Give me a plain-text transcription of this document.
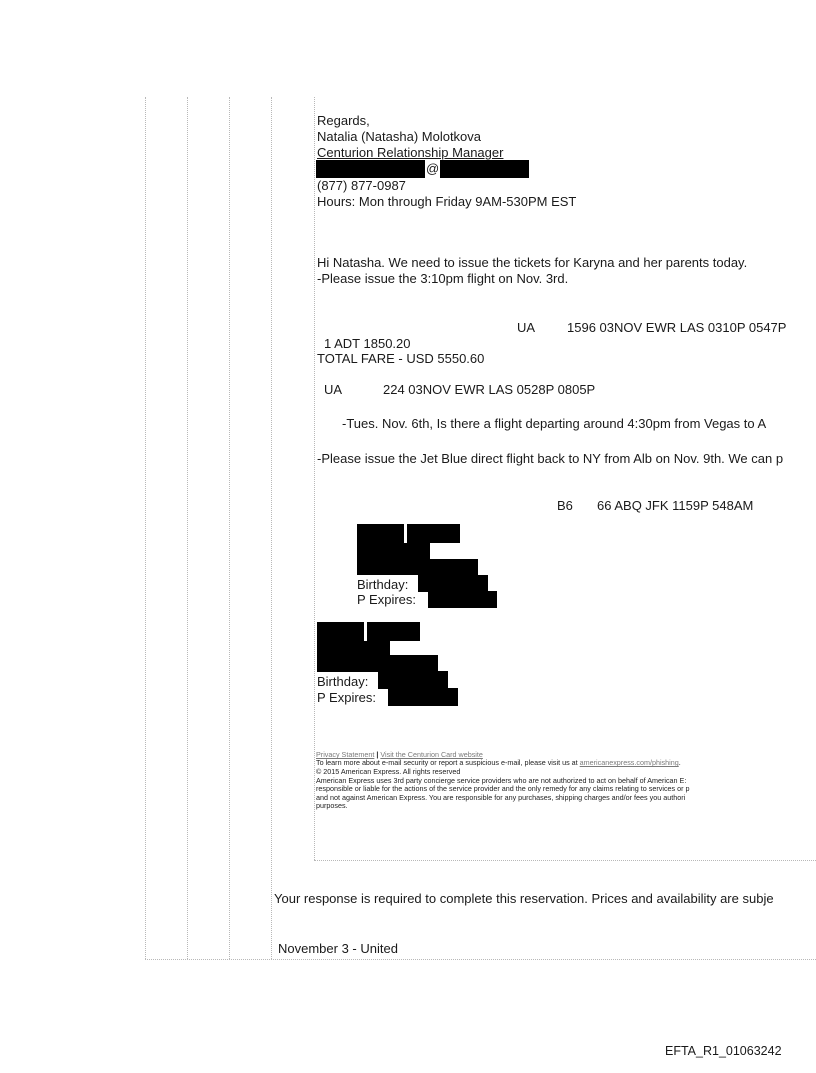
Regards,
Natalia (Natasha) Molotkova
Centurion Relationship Manager
@
(877) 877-0987
Hours: Mon through Friday 9AM-530PM EST
Hi Natasha. We need to issue the tickets for Karyna and her parents today.
-Please issue the 3:10pm flight on Nov. 3rd.
UA 1596 03NOV EWR LAS 0310P 0547P
1 ADT 1850.20
TOTAL FARE - USD 5550.60
UA	224 03NOV EWR LAS 0528P 0805P
-Tues. Nov. 6th, Is there a flight departing around 4:30pm from Vegas to A
-Please issue the Jet Blue direct flight back to NY from Alb on Nov. 9th. We can p
B6 66 ABQ JFK 1159P 548AM
Birthday:
P Expires:
Birthday:
P Expires:
Privacy Statement | Visit the Centurion Card website
To learn more about e-mail security or report a suspicious e-mail, please visit us at americanexpress.com/phishing.
© 2015 American Express. All rights reserved
American Express uses 3rd party concierge service providers who are not authorized to act on behalf of American E:
responsible or liable for the actions of the service provider and the only remedy for any claims relating to services or p
and not against American Express. You are responsible for any purchases, shipping charges and/or fees you authori
purposes.
Your response is required to complete this reservation. Prices and availability are subje
November 3 - United
EFTA_R1_01063242
